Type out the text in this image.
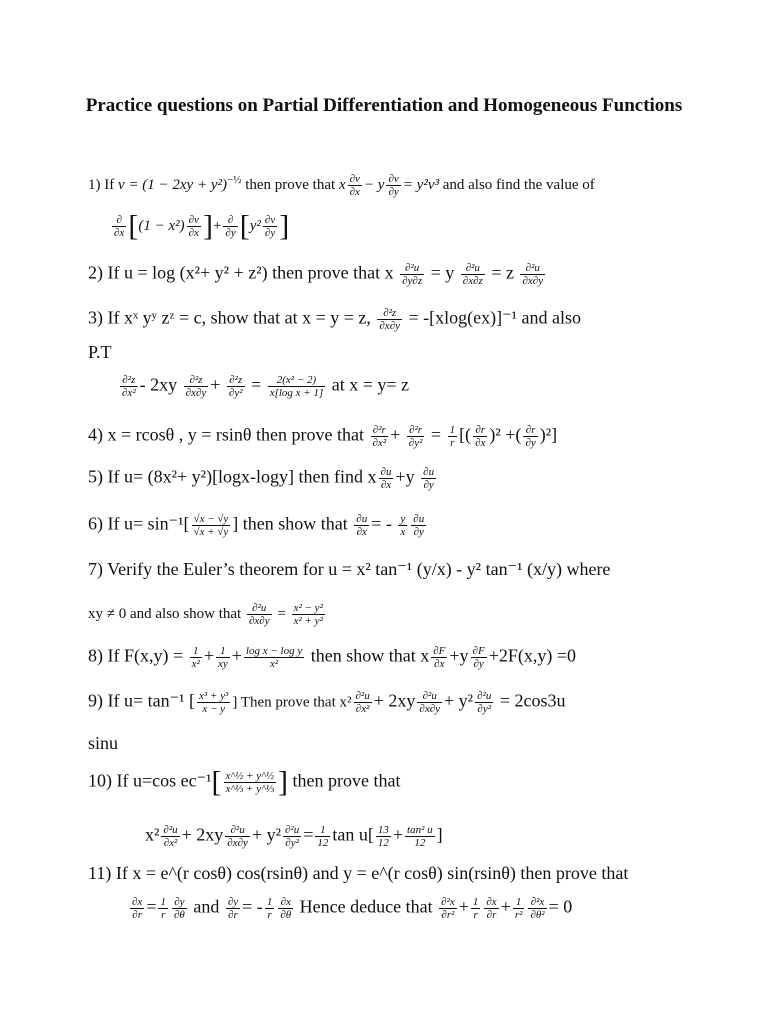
Practice questions on Partial Differentiation and Homogeneous Functions
1) If $v = (1 - 2xy + y^2)^{-\frac{1}{2}}$ then prove that x $\frac{\partial v}{\partial x} - y \frac{\partial v}{\partial y} = y^2v^3$ and also find the value of
$\frac{\partial}{\partial x} [(1 - x^2) \frac{\partial v}{\partial x}$ ]+ $\frac{\partial}{\partial y} [y^2 \frac{\partial v}{\partial y}$ ]
2) If u = log (x²+ y² + z²) then prove that x $\frac{\text{∂²u}}{\partial y\partial z} = y \frac{\text{∂²u}}{\partial x\partial z} = z \frac{\text{∂²u}}{\partial x\partial y}$
3) If xˣ yʸ zᶻ = c, show that at x = y = z, $\frac{\text{∂²z}}{\partial x\partial y} = -[xlog(ex)]^{-1}$ and also
P.T
$\frac{\text{∂²z}}{\text{∂x²}} - 2xy \frac{\text{∂²z}}{\partial x\partial y} + \frac{\text{∂²z}}{\text{∂y²}} = \frac{\text{2(x² − 2)}}{\text{x[log x + 1]}}$ at x = y= z
4) x = rcosθ , y = rsinθ then prove that $\frac{\text{∂²r}}{\text{∂x²}} + \frac{\text{∂²r}}{\text{∂y²}} = \frac{1}{r}$ [( $\frac{\partial r}{\partial x} )^2$ +( $\frac{\partial r}{\partial y} )^2$]
5) If u= (8x²+ y²)[logx-logy] then find x $\frac{\partial u}{\partial x} +y \frac{\partial u}{\partial y}$
6) If $u= \sin^{-1}[ \frac{√x - √y}{√x + √y}$ ] then show that $\frac{\partial u}{\partial x}$ = - $\frac{y}{x} \frac{\partial u}{\partial y}$
7) Verify the Euler’s theorem for u = x² tan⁻¹ (y/x) - y² tan⁻¹ (x/y) where
xy ≠ 0 and also show that $\frac{\text{∂²u}}{\partial x\partial y} = \frac{\text{x² − y²}}{\text{x² + y²}}$
8) If $F(x,y) = \frac{1}{\text{x²}} + \frac{1}{xy} + \frac{\text{log x − log y}}{\text{x²}}$ then show that x $\frac{\partial F}{\partial x} +y \frac{\partial F}{\partial y} +2F(x,y) =0$
9) If u= tan⁻¹ [ $\frac{\text{x³ + y³}}{x - y}$ ] Then prove that $x^2 \frac{\text{∂²u}}{\text{∂x²}} + 2xy \frac{\text{∂²u}}{\partial x\partial y} + y^2 \frac{\text{∂²u}}{\text{∂y²}} = 2\cos 3u$
sinu
10) If u=cos $ec^{-1}[ \frac{\text{x\textasciicircum{}½ + y\textasciicircum{}½}}{\text{x\textasciicircum{}⅓ + y\textasciicircum{}⅓}}$ ] then prove that
$x^2 \frac{\text{∂²u}}{\text{∂x²}} + 2xy \frac{\text{∂²u}}{\partial x\partial y} + y^2 \frac{\text{∂²u}}{\text{∂y²}} = \frac{1}{12}$ $\tan u[ \frac{13}{12} + \frac{\text{tan² u}}{12}$ ]
11) If x = e^(r cosθ) cos(rsinθ) and y = e^(r cosθ) sin(rsinθ) then prove that
$\frac{\partial x}{\partial r} = \frac{1}{r} \frac{\partial y}{\partial\theta}$ and $\frac{\partial y}{\partial r}$ = - $\frac{1}{r} \frac{\partial x}{\partial\theta}$ Hence deduce that $\frac{\text{∂²x}}{\text{∂r²}} + \frac{1}{r} \frac{\partial x}{\partial r} + \frac{1}{\text{r²}} \frac{\text{∂²x}}{\text{∂θ²}} = 0$
